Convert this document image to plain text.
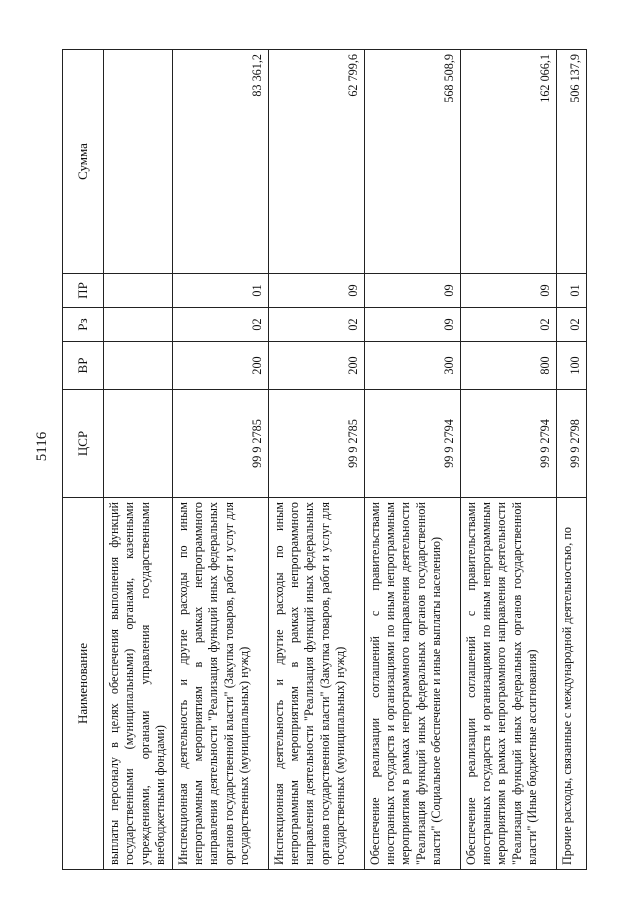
5116
Наименование	ЦСР	ВР	Рз	ПР	Сумма
выплаты персоналу в целях обеспечения выполнения функций государственными (муниципальными) органами, казенными учреждениями, органами управления государственными внебюджетными фондами)					
Инспекционная деятельность и другие расходы по иным непрограммным мероприятиям в рамках непрограммного направления деятельности "Реализация функций иных федеральных органов государственной власти" (Закупка товаров, работ и услуг для государственных (муниципальных) нужд)	99 9 2785	200	02	01	83 361,2
Инспекционная деятельность и другие расходы по иным непрограммным мероприятиям в рамках непрограммного направления деятельности "Реализация функций иных федеральных органов государственной власти" (Закупка товаров, работ и услуг для государственных (муниципальных) нужд)	99 9 2785	200	02	09	62 799,6
Обеспечение реализации соглашений с правительствами иностранных государств и организациями по иным непрограммным мероприятиям в рамках непрограммного направления деятельности "Реализация функций иных федеральных органов государственной власти" (Социальное обеспечение и иные выплаты населению)	99 9 2794	300	09	09	568 508,9
Обеспечение реализации соглашений с правительствами иностранных государств и организациями по иным непрограммным мероприятиям в рамках непрограммного направления деятельности "Реализация функций иных федеральных органов государственной власти" (Иные бюджетные ассигнования)	99 9 2794	800	02	09	162 066,1
Прочие расходы, связанные с международной деятельностью, по	99 9 2798	100	02	01	506 137,9
